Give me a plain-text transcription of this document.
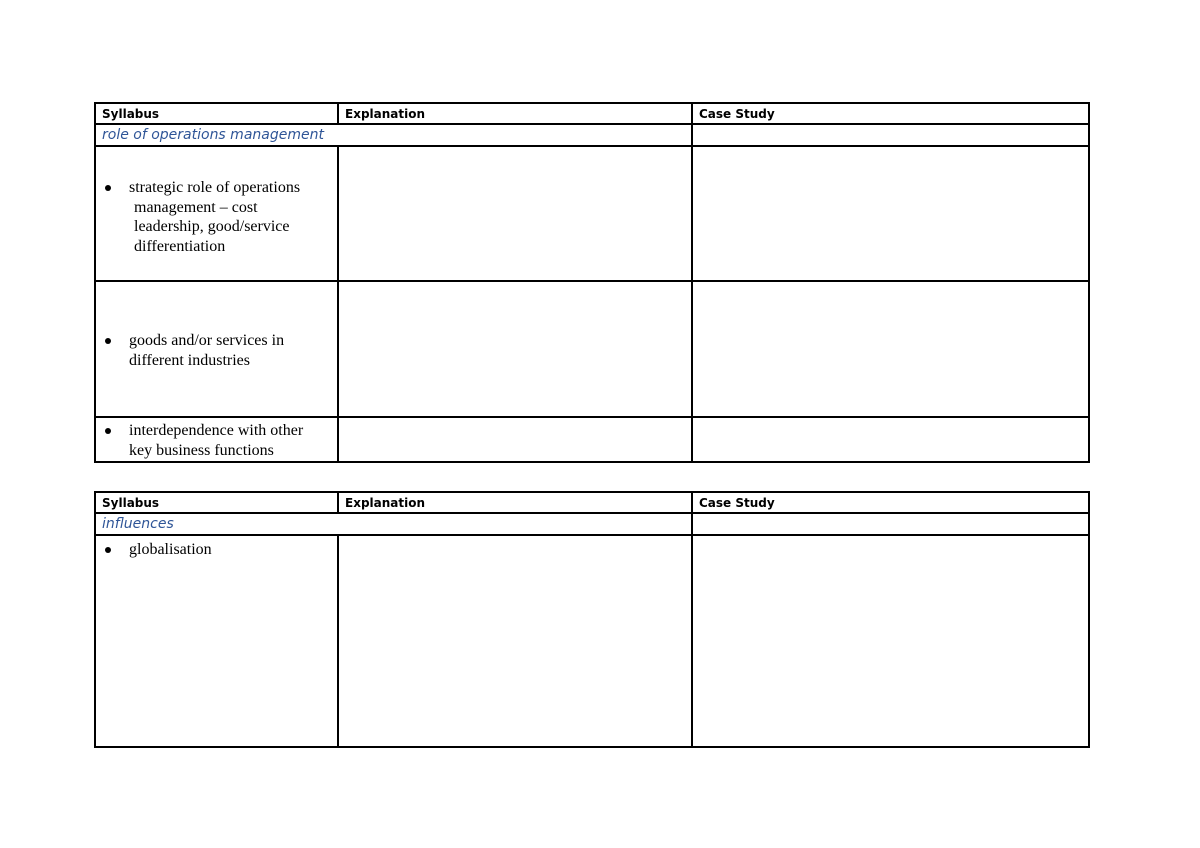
Syllabus	Explanation	Case Study

role of operations management		

strategic role of operations
management – cost
leadership, good/service
differentiation		

goods and/or services in
different industries		

interdependence with other
key business functions		

Syllabus	Explanation	Case Study

influences		

globalisation		
